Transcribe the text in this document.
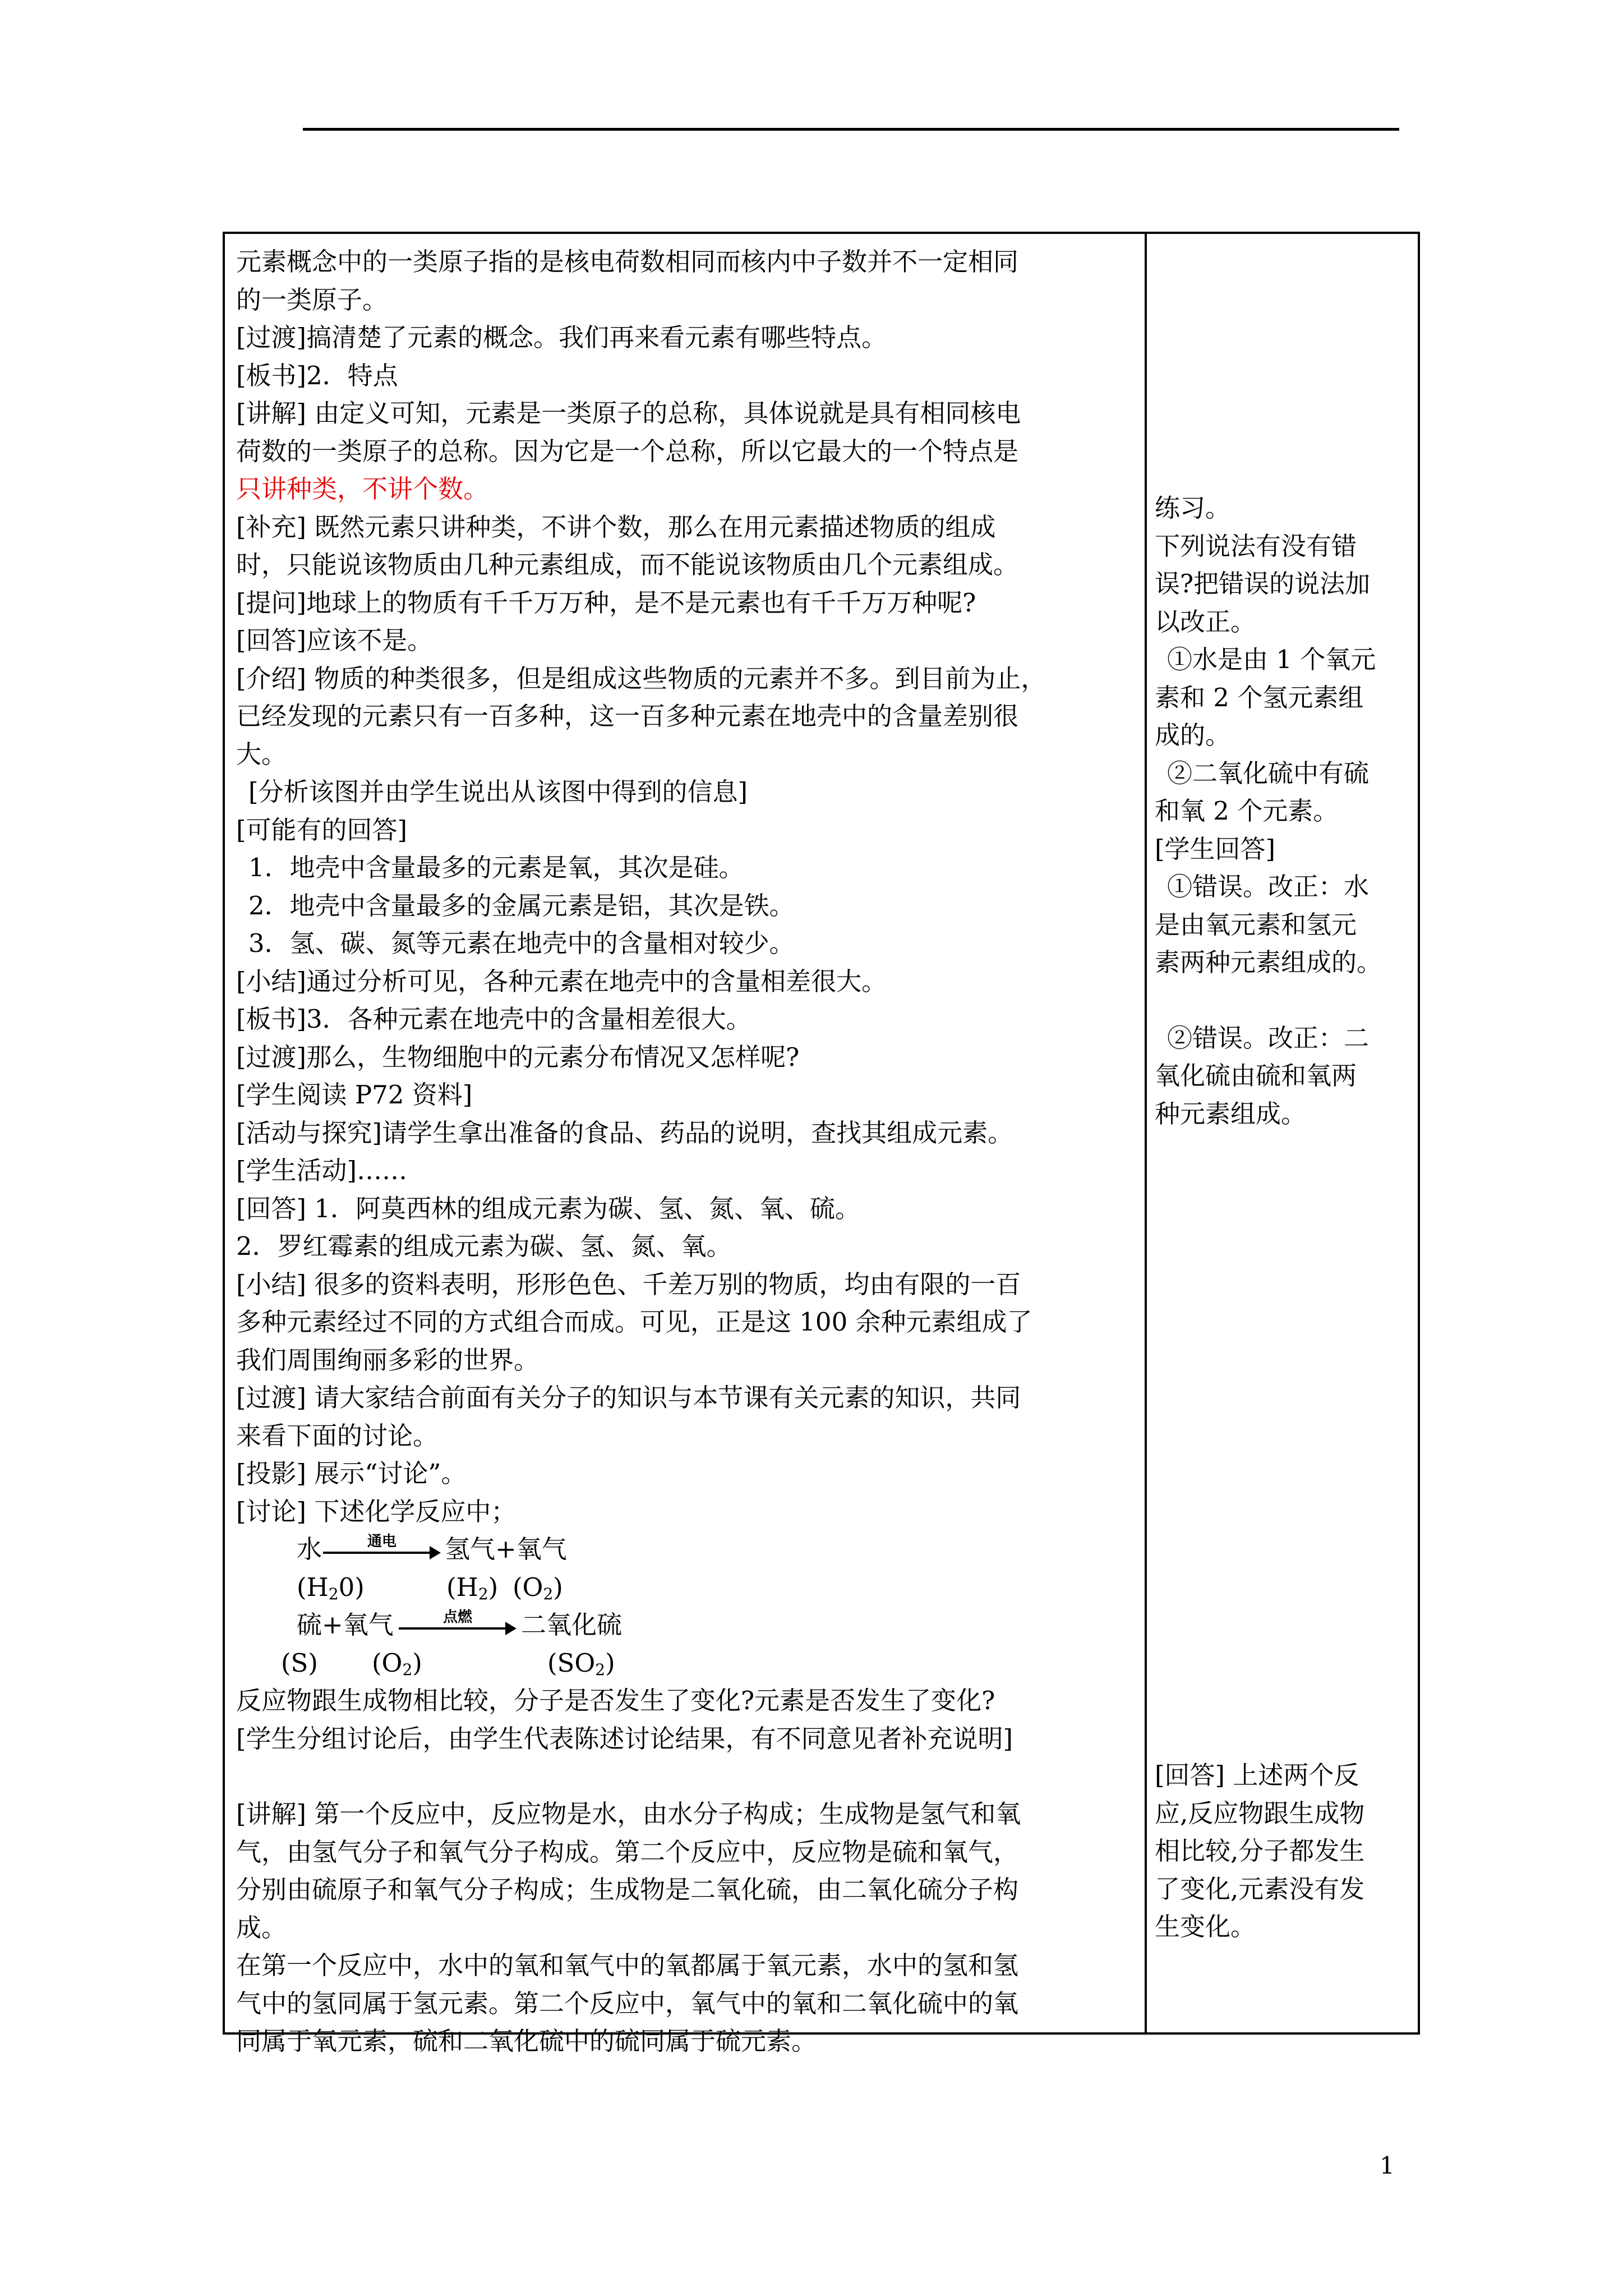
元素概念中的一类原子指的是核电荷数相同而核内中子数并不一定相同
的一类原子。
[过渡]搞清楚了元素的概念。我们再来看元素有哪些特点。
[板书]2．特点
[讲解] 由定义可知，元素是一类原子的总称，具体说就是具有相同核电
荷数的一类原子的总称。因为它是一个总称，所以它最大的一个特点是
只讲种类，不讲个数。
[补充] 既然元素只讲种类，不讲个数，那么在用元素描述物质的组成
时，只能说该物质由几种元素组成，而不能说该物质由几个元素组成。
[提问]地球上的物质有千千万万种，是不是元素也有千千万万种呢?
[回答]应该不是。
[介绍] 物质的种类很多，但是组成这些物质的元素并不多。到目前为止，
已经发现的元素只有一百多种，这一百多种元素在地壳中的含量差别很
大。
[分析该图并由学生说出从该图中得到的信息]
[可能有的回答]
1．地壳中含量最多的元素是氧，其次是硅。
2．地壳中含量最多的金属元素是铝，其次是铁。
3．氢、碳、氮等元素在地壳中的含量相对较少。
[小结]通过分析可见，各种元素在地壳中的含量相差很大。
[板书]3．各种元素在地壳中的含量相差很大。
[过渡]那么，生物细胞中的元素分布情况又怎样呢?
[学生阅读 P72 资料]
[活动与探究]请学生拿出准备的食品、药品的说明，查找其组成元素。
[学生活动]……
[回答] 1．阿莫西林的组成元素为碳、氢、氮、氧、硫。
2．罗红霉素的组成元素为碳、氢、氮、氧。
[小结] 很多的资料表明，形形色色、千差万别的物质，均由有限的一百
多种元素经过不同的方式组合而成。可见，正是这 100 余种元素组成了
我们周围绚丽多彩的世界。
[过渡] 请大家结合前面有关分子的知识与本节课有关元素的知识，共同
来看下面的讨论。
[投影] 展示“讨论”。
[讨论] 下述化学反应中；
水	通电	氢气+氧气
$(H_20)$	$(H_2)$ $(O_2)$
硫+氧气	点燃	二氧化硫
(S) $(O_2)$	$(SO_2)$
反应物跟生成物相比较，分子是否发生了变化?元素是否发生了变化?
[学生分组讨论后，由学生代表陈述讨论结果，有不同意见者补充说明]
[讲解] 第一个反应中，反应物是水，由水分子构成；生成物是氢气和氧
气，由氢气分子和氧气分子构成。第二个反应中，反应物是硫和氧气，
分别由硫原子和氧气分子构成；生成物是二氧化硫，由二氧化硫分子构
成。
在第一个反应中，水中的氧和氧气中的氧都属于氧元素，水中的氢和氢
气中的氢同属于氢元素。第二个反应中，氧气中的氧和二氧化硫中的氧
同属于氧元素，硫和二氧化硫中的硫同属于硫元素。
练习。
下列说法有没有错
误?把错误的说法加
以改正。
①水是由 1 个氧元
素和 2 个氢元素组
成的。
②二氧化硫中有硫
和氧 2 个元素。
[学生回答]
①错误。改正：水
是由氧元素和氢元
素两种元素组成的。
②错误。改正：二
氧化硫由硫和氧两
种元素组成。
[回答] 上述两个反
应,反应物跟生成物
相比较,分子都发生
了变化,元素没有发
生变化。
1
